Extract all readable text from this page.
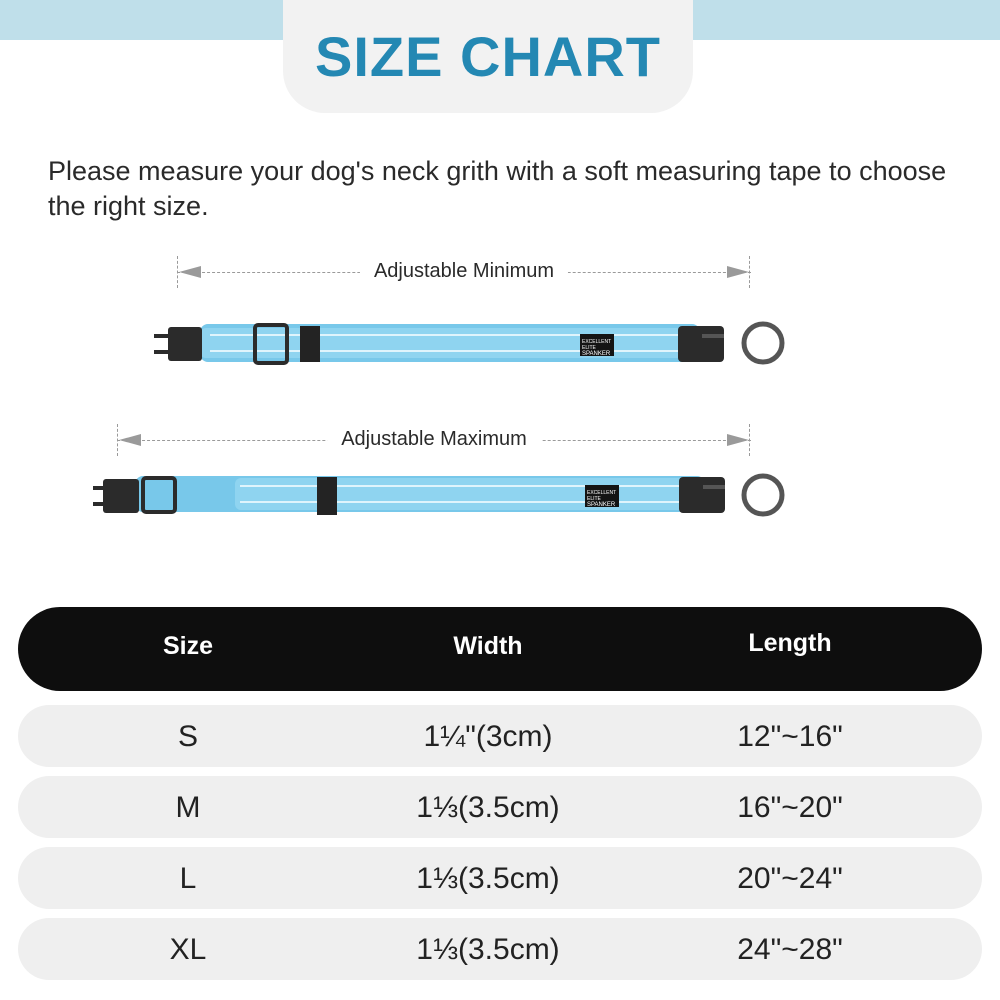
SIZE CHART

Please measure your dog's neck grith with a soft measuring tape to choose the right size.

Adjustable Minimum
EXCELLENT
ELITE
SPANKER
Adjustable Maximum
EXCELLENT
ELITE
SPANKER
Size	Width	Length
S	1¼"(3cm)	12"~16"
M	1⅓(3.5cm)	16"~20"
L	1⅓(3.5cm)	20"~24"
XL	1⅓(3.5cm)	24"~28"
